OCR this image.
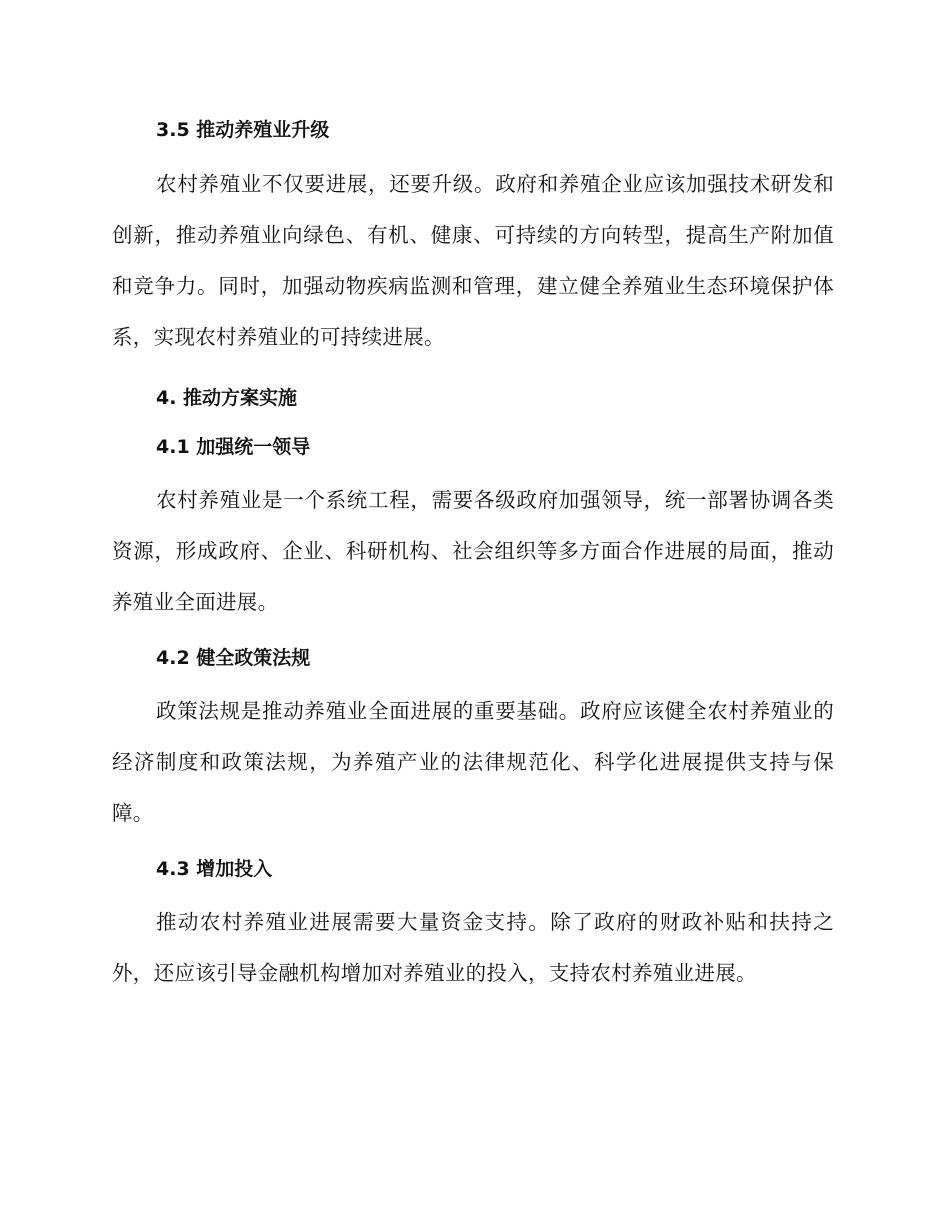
3.5 推动养殖业升级

农村养殖业不仅要进展，还要升级。政府和养殖企业应该加强技术研发和创新，推动养殖业向绿色、有机、健康、可持续的方向转型，提高生产附加值和竞争力。同时，加强动物疾病监测和管理，建立健全养殖业生态环境保护体系，实现农村养殖业的可持续进展。

4. 推动方案实施
4.1 加强统一领导

农村养殖业是一个系统工程，需要各级政府加强领导，统一部署协调各类资源，形成政府、企业、科研机构、社会组织等多方面合作进展的局面，推动养殖业全面进展。

4.2 健全政策法规

政策法规是推动养殖业全面进展的重要基础。政府应该健全农村养殖业的经济制度和政策法规，为养殖产业的法律规范化、科学化进展提供支持与保障。

4.3 增加投入

推动农村养殖业进展需要大量资金支持。除了政府的财政补贴和扶持之外，还应该引导金融机构增加对养殖业的投入，支持农村养殖业进展。
